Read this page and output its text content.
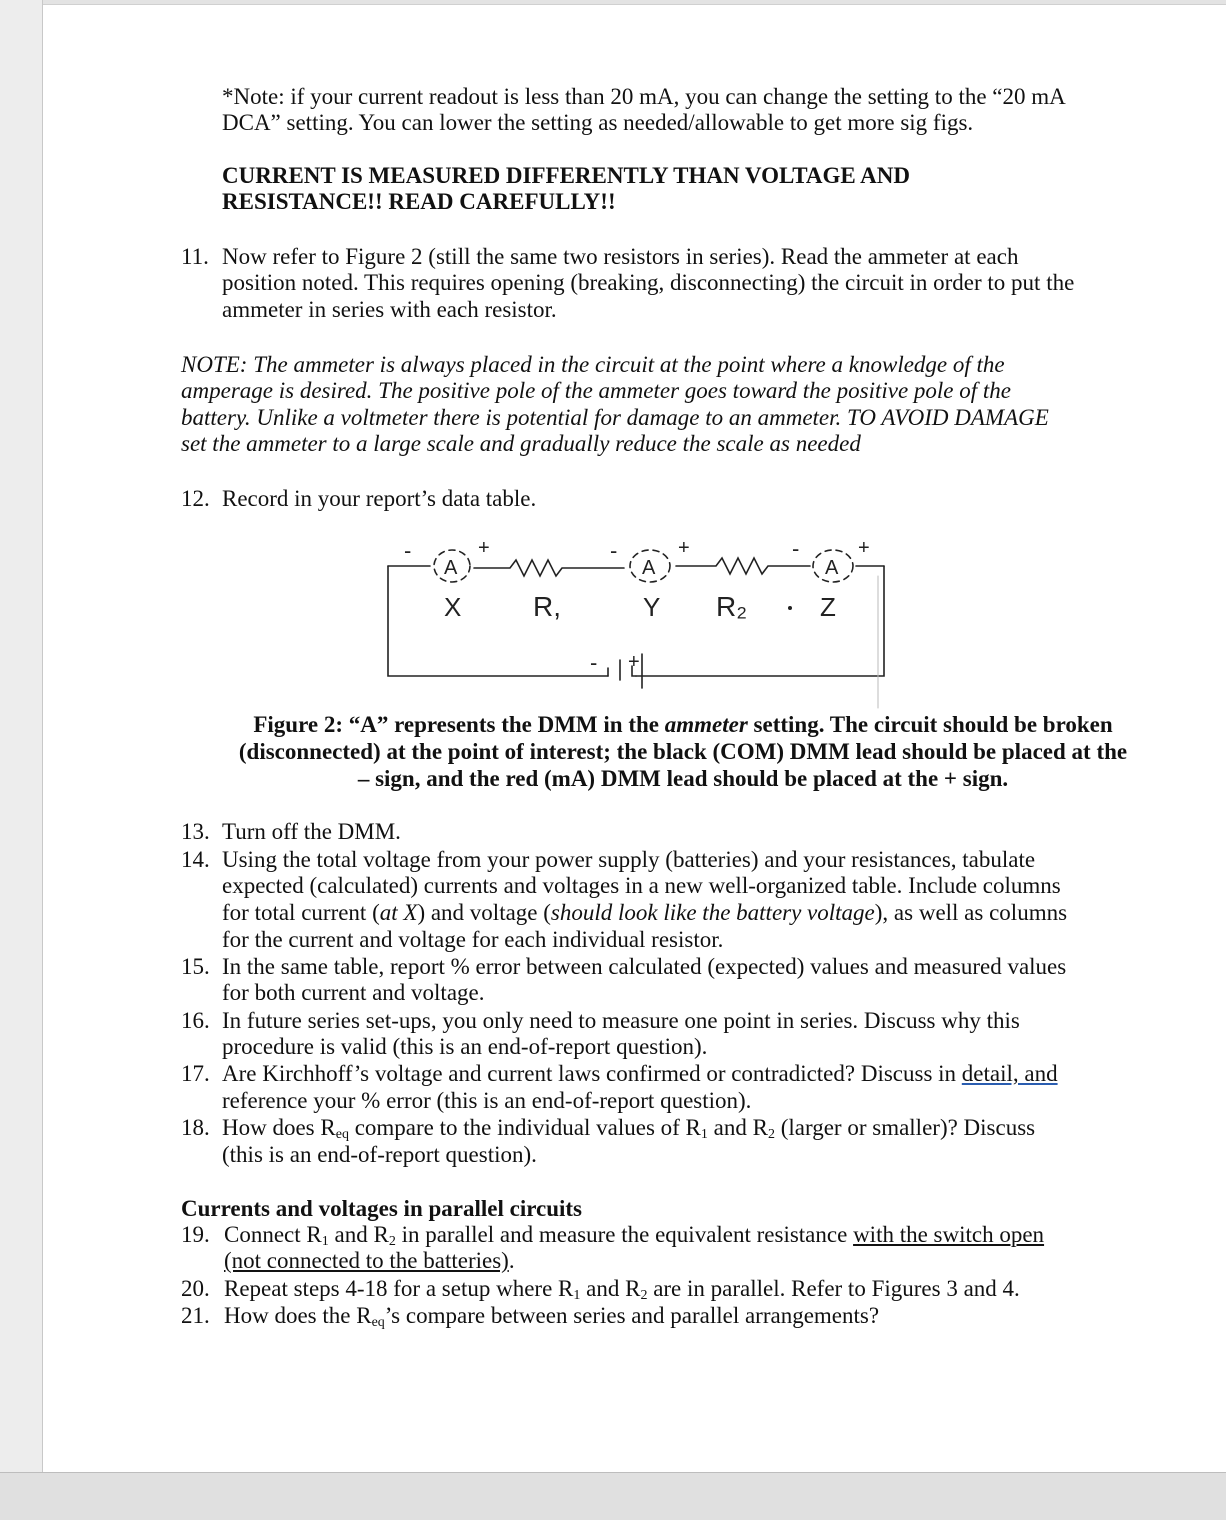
*Note: if your current readout is less than 20 mA, you can change the setting to the “20 mA
DCA” setting. You can lower the setting as needed/allowable to get more sig figs.
CURRENT IS MEASURED DIFFERENTLY THAN VOLTAGE AND
RESISTANCE!! READ CAREFULLY!!
11. Now refer to Figure 2 (still the same two resistors in series). Read the ammeter at each
position noted. This requires opening (breaking, disconnecting) the circuit in order to put the
ammeter in series with each resistor.
NOTE: The ammeter is always placed in the circuit at the point where a knowledge of the
amperage is desired. The positive pole of the ammeter goes toward the positive pole of the
battery. Unlike a voltmeter there is potential for damage to an ammeter. TO AVOID DAMAGE
set the ammeter to a large scale and gradually reduce the scale as needed
12. Record in your report’s data table.
A	A	A
-	+	-	+	-	+
X	R,	Y R₂	Z
- +
Figure 2: “A” represents the DMM in the ammeter setting. The circuit should be broken
(disconnected) at the point of interest; the black (COM) DMM lead should be placed at the
– sign, and the red (mA) DMM lead should be placed at the + sign.
13. Turn off the DMM.
14. Using the total voltage from your power supply (batteries) and your resistances, tabulate
expected (calculated) currents and voltages in a new well-organized table. Include columns
for total current (at X) and voltage (should look like the battery voltage), as well as columns
for the current and voltage for each individual resistor.
15. In the same table, report % error between calculated (expected) values and measured values
for both current and voltage.
16. In future series set-ups, you only need to measure one point in series. Discuss why this
procedure is valid (this is an end-of-report question).
17. Are Kirchhoff’s voltage and current laws confirmed or contradicted? Discuss in detail, and
reference your % error (this is an end-of-report question).
18. How does $R_{eq}$ compare to the individual values of $R_1$ and $R_2$ (larger or smaller)? Discuss
(this is an end-of-report question).
Currents and voltages in parallel circuits
19. Connect $R_1$ and $R_2$ in parallel and measure the equivalent resistance with the switch open
(not connected to the batteries).
20. Repeat steps 4-18 for a setup where $R_1$ and $R_2$ are in parallel. Refer to Figures 3 and 4.
21. How does the $R_{eq}’s$ compare between series and parallel arrangements?
